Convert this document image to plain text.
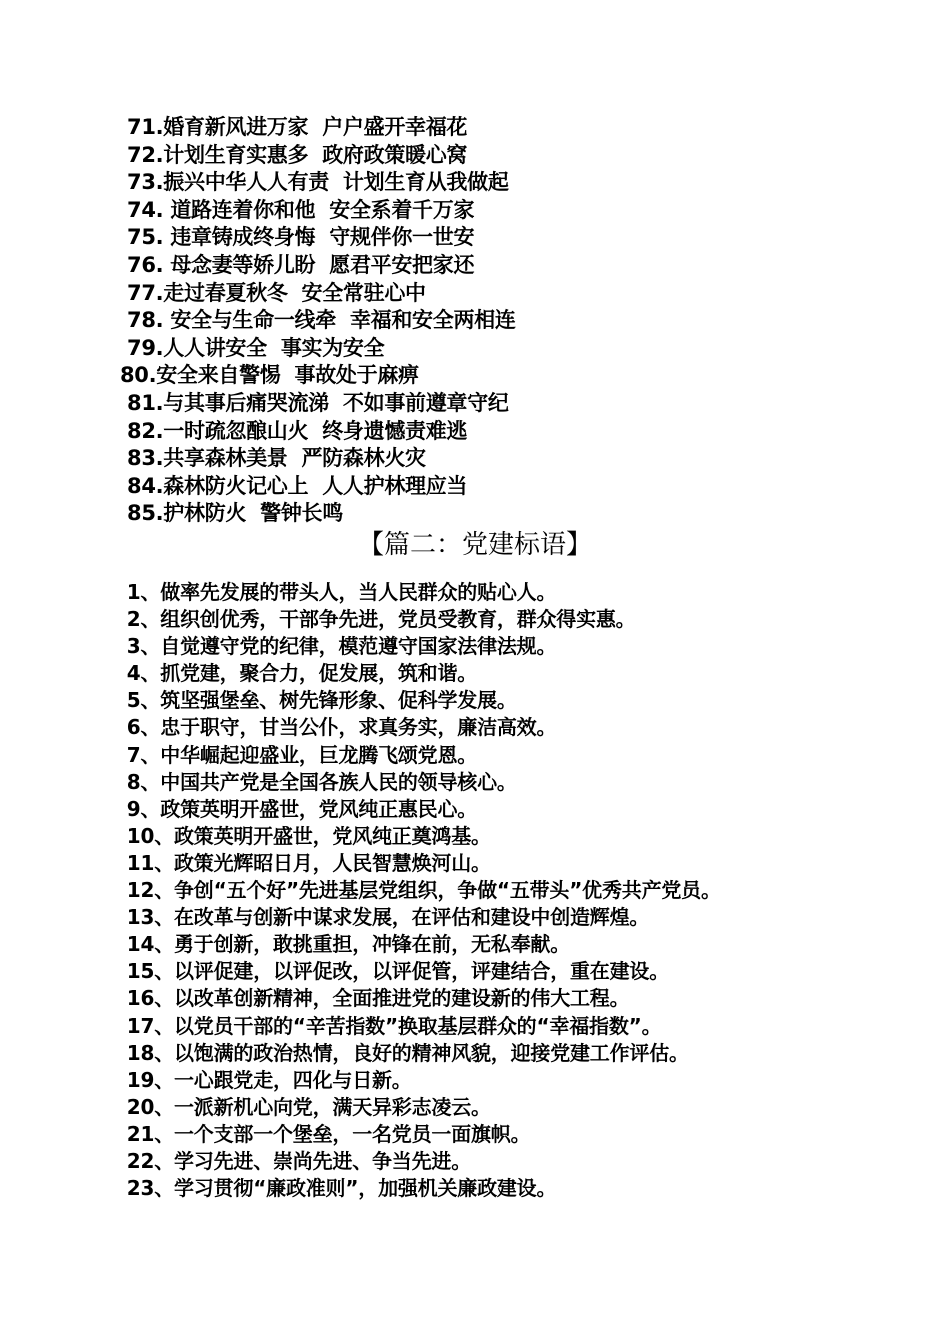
71.婚育新风进万家  户户盛开幸福花
72.计划生育实惠多  政府政策暖心窝
73.振兴中华人人有责  计划生育从我做起
74. 道路连着你和他  安全系着千万家
75. 违章铸成终身悔  守规伴你一世安
76. 母念妻等娇儿盼  愿君平安把家还
77.走过春夏秋冬  安全常驻心中
78. 安全与生命一线牵  幸福和安全两相连
79.人人讲安全  事实为安全
80.安全来自警惕  事故处于麻痹
81.与其事后痛哭流涕  不如事前遵章守纪
82.一时疏忽酿山火  终身遗憾责难逃
83.共享森林美景  严防森林火灾
84.森林防火记心上  人人护林理应当
85.护林防火  警钟长鸣
【篇二：党建标语】
1、做率先发展的带头人，当人民群众的贴心人。
2、组织创优秀，干部争先进，党员受教育，群众得实惠。
3、自觉遵守党的纪律，模范遵守国家法律法规。
4、抓党建，聚合力，促发展，筑和谐。
5、筑坚强堡垒、树先锋形象、促科学发展。
6、忠于职守，甘当公仆，求真务实，廉洁高效。
7、中华崛起迎盛业，巨龙腾飞颂党恩。
8、中国共产党是全国各族人民的领导核心。
9、政策英明开盛世，党风纯正惠民心。
10、政策英明开盛世，党风纯正奠鸿基。
11、政策光辉昭日月，人民智慧焕河山。
12、争创“五个好”先进基层党组织，争做“五带头”优秀共产党员。
13、在改革与创新中谋求发展，在评估和建设中创造辉煌。
14、勇于创新，敢挑重担，冲锋在前，无私奉献。
15、以评促建，以评促改，以评促管，评建结合，重在建设。
16、以改革创新精神，全面推进党的建设新的伟大工程。
17、以党员干部的“辛苦指数”换取基层群众的“幸福指数”。
18、以饱满的政治热情，良好的精神风貌，迎接党建工作评估。
19、一心跟党走，四化与日新。
20、一派新机心向党，满天异彩志凌云。
21、一个支部一个堡垒，一名党员一面旗帜。
22、学习先进、崇尚先进、争当先进。
23、学习贯彻“廉政准则”，加强机关廉政建设。
